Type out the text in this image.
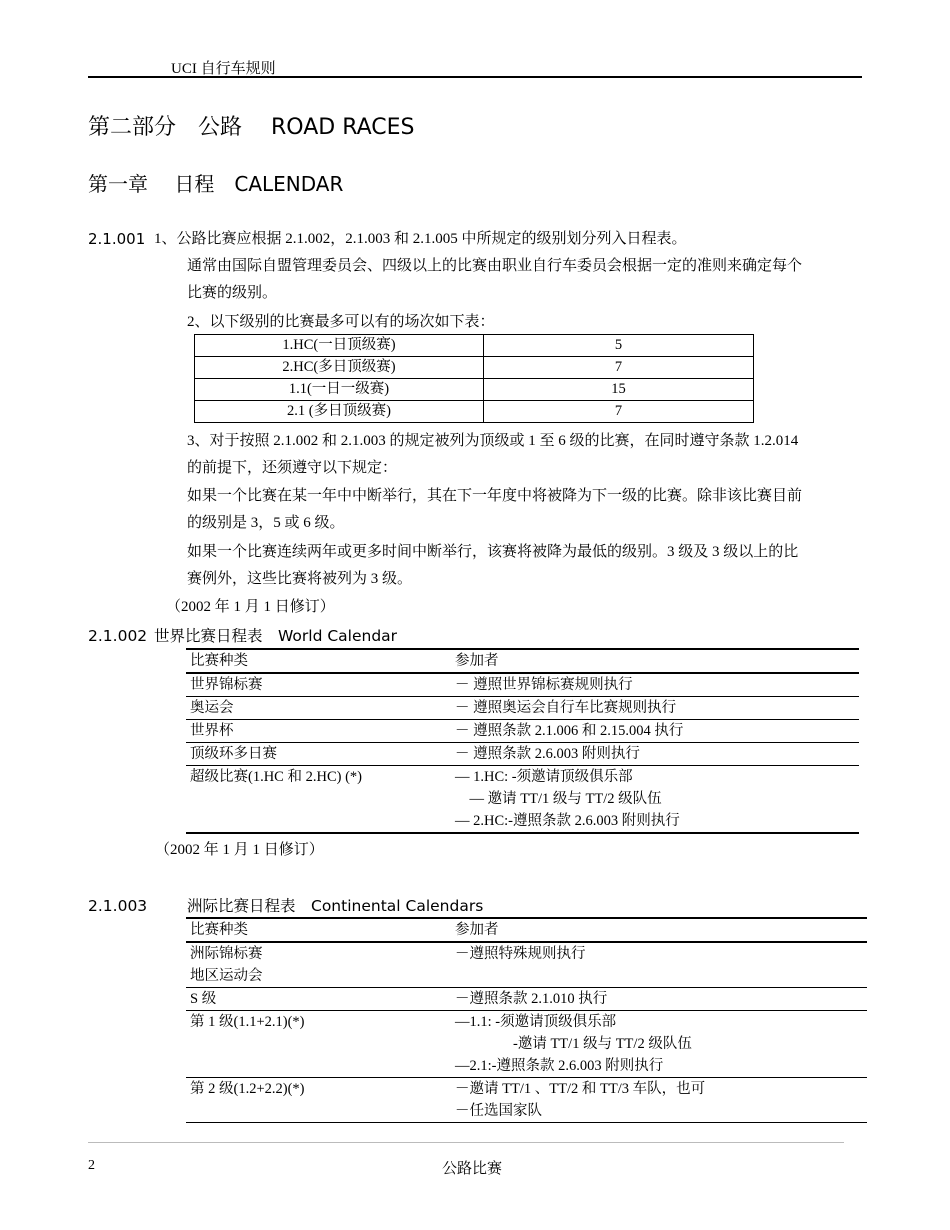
UCI 自行车规则
第二部分　公路　 ROAD RACES
第一章　 日程　CALENDAR
2.1.001 1、公路比赛应根据 2.1.002，2.1.003 和 2.1.005 中所规定的级别划分列入日程表。
通常由国际自盟管理委员会、四级以上的比赛由职业自行车委员会根据一定的准则来确定每个
比赛的级别。
2、以下级别的比赛最多可以有的场次如下表：
1.HC(一日顶级赛)	5
2.HC(多日顶级赛)	7
1.1(一日一级赛)	15
2.1 (多日顶级赛)	7
3、对于按照 2.1.002 和 2.1.003 的规定被列为顶级或 1 至 6 级的比赛，在同时遵守条款 1.2.014
的前提下，还须遵守以下规定：
如果一个比赛在某一年中中断举行，其在下一年度中将被降为下一级的比赛。除非该比赛目前
的级别是 3，5 或 6 级。
如果一个比赛连续两年或更多时间中断举行，该赛将被降为最低的级别。3 级及 3 级以上的比
赛例外，这些比赛将被列为 3 级。
（2002 年 1 月 1 日修订）
2.1.002 世界比赛日程表　World Calendar
比赛种类	参加者
世界锦标赛	－ 遵照世界锦标赛规则执行
奥运会	－ 遵照奥运会自行车比赛规则执行
世界杯	－ 遵照条款 2.1.006 和 2.15.004 执行
顶级环多日赛	－ 遵照条款 2.6.003 附则执行
超级比赛(1.HC 和 2.HC) (*)	— 1.HC: -须邀请顶级俱乐部
　— 邀请 TT/1 级与 TT/2 级队伍
— 2.HC:-遵照条款 2.6.003 附则执行
（2002 年 1 月 1 日修订）
2.1.003	洲际比赛日程表　Continental Calendars
比赛种类	参加者

洲际锦标赛
地区运动会	－遵照特殊规则执行

S 级	－遵照条款 2.1.010 执行

第 1 级(1.1+2.1)(*)	—1.1: -须邀请顶级俱乐部
　　　　-邀请 TT/1 级与 TT/2 级队伍
—2.1:-遵照条款 2.6.003 附则执行

第 2 级(1.2+2.2)(*)	－邀请 TT/1 、TT/2 和 TT/3 车队，也可
－任选国家队
2	公路比赛
